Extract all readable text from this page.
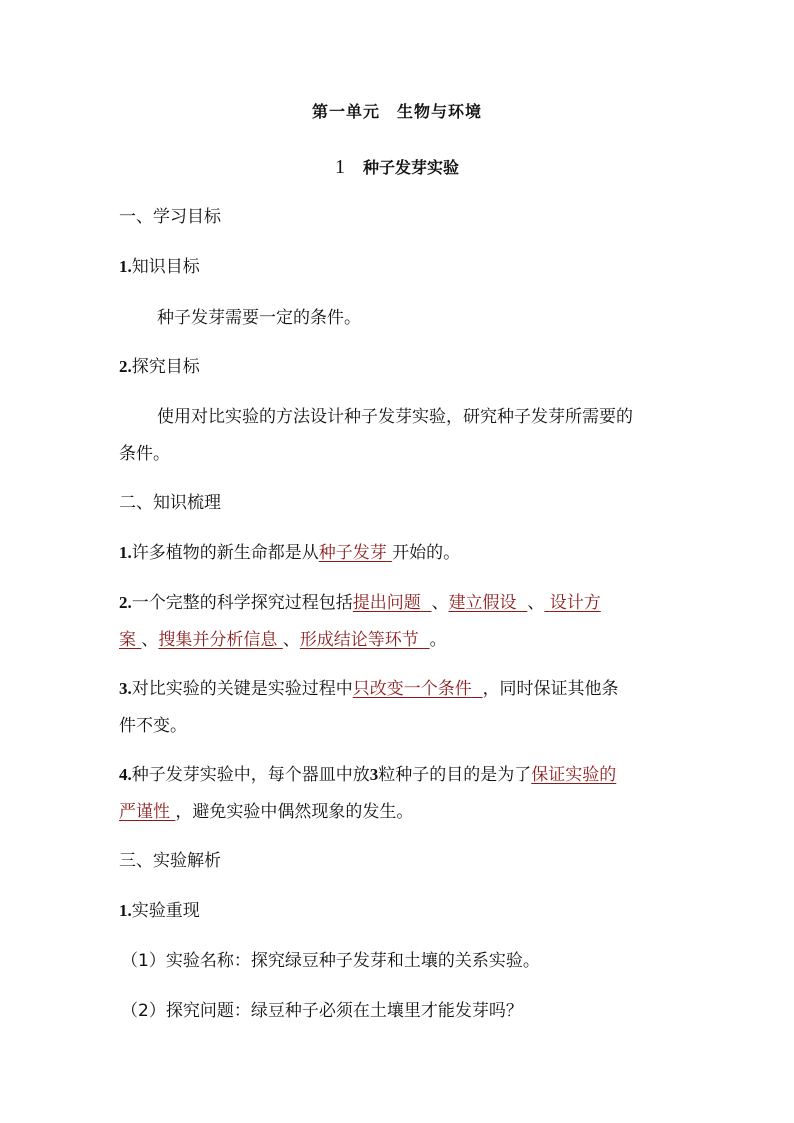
第一单元　生物与环境
1 种子发芽实验
一、学习目标
1.知识目标
种子发芽需要一定的条件。
2.探究目标
使用对比实验的方法设计种子发芽实验，研究种子发芽所需要的
条件。
二、知识梳理
1.许多植物的新生命都是从种子发芽 开始的。
2.一个完整的科学探究过程包括提出问题 、建立假设 、 设计方
案 、搜集并分析信息 、形成结论等环节 。
3.对比实验的关键是实验过程中只改变一个条件 ，同时保证其他条
件不变。
4.种子发芽实验中，每个器皿中放3粒种子的目的是为了保证实验的
严谨性 ，避免实验中偶然现象的发生。
三、实验解析
1.实验重现
（1）实验名称：探究绿豆种子发芽和土壤的关系实验。
（2）探究问题：绿豆种子必须在土壤里才能发芽吗？
